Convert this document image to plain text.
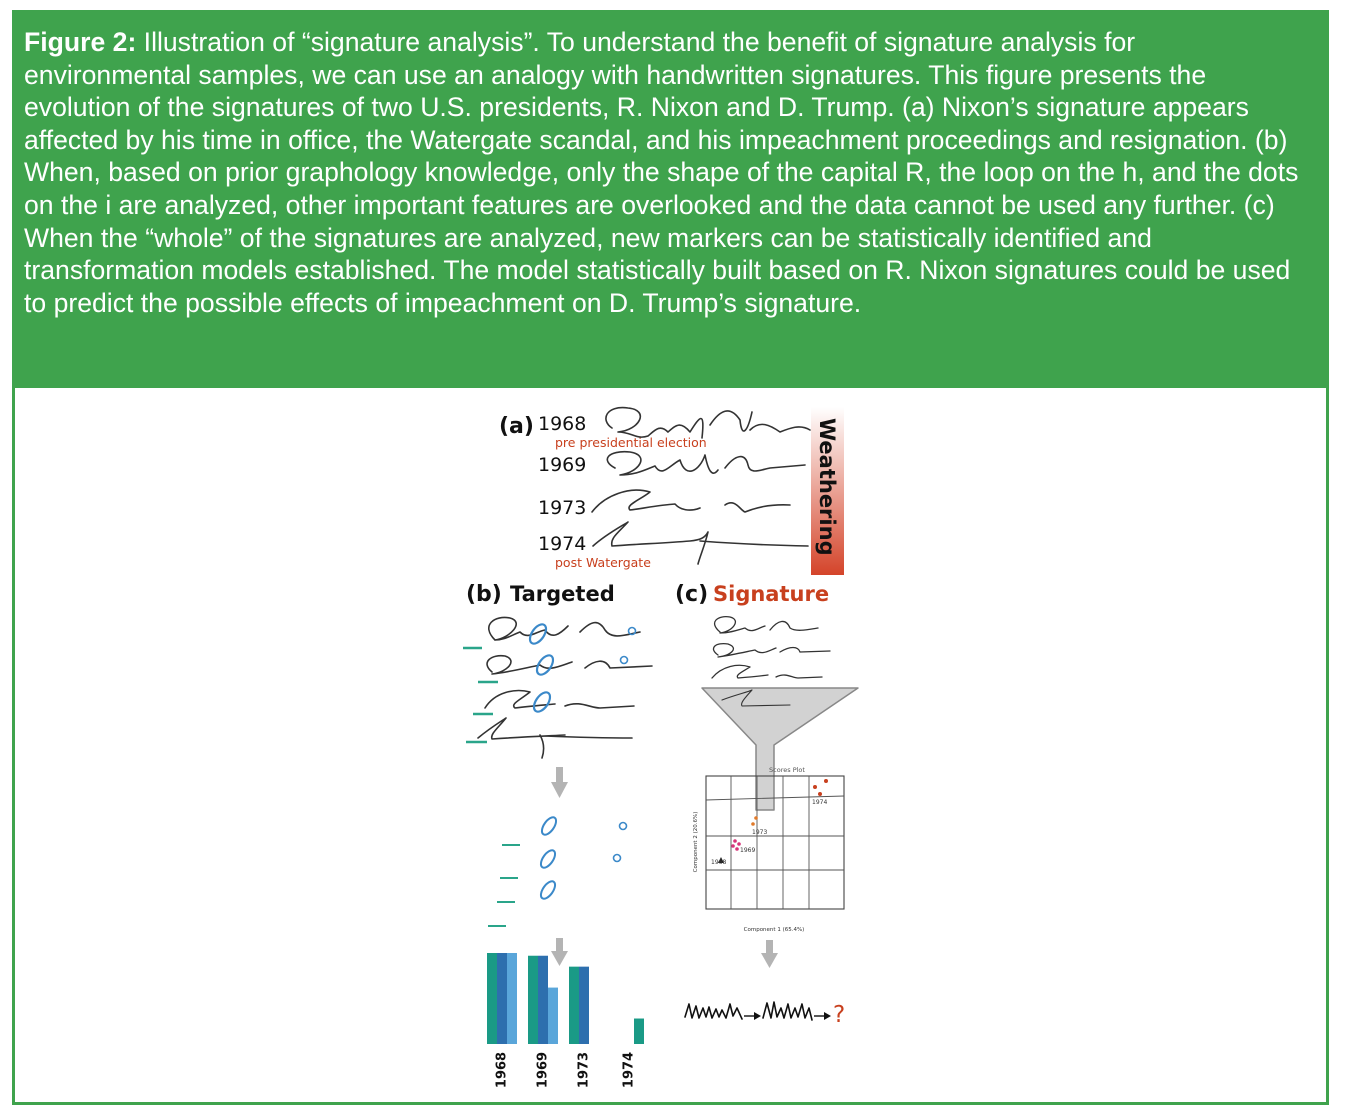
Figure 2: Illustration of “signature analysis”. To understand the benefit of signature analysis for environmental samples, we can use an analogy with handwritten signatures. This figure presents the evolution of the signatures of two U.S. presidents, R. Nixon and D. Trump. (a) Nixon’s signature appears affected by his time in office, the Watergate scandal, and his impeachment proceedings and resignation. (b) When, based on prior graphology knowledge, only the shape of the capital R, the loop on the h, and the dots on the i are analyzed, other important features are overlooked and the data cannot be used any further. (c) When the “whole” of the signatures are analyzed, new markers can be statistically identified and transformation models established. The model statistically built based on R. Nixon signatures could be used to predict the possible effects of impeachment on D. Trump’s signature.
(a) 1968
pre presidential election
1969
1973
1974
post Watergate
Weathering
(b) Targeted
1968 1969 1973 1974
(c) Signature
Scores Plot
Component 1 (65.4%)
Component 2 (20.6%) 1968
1969
1973
1974
?
